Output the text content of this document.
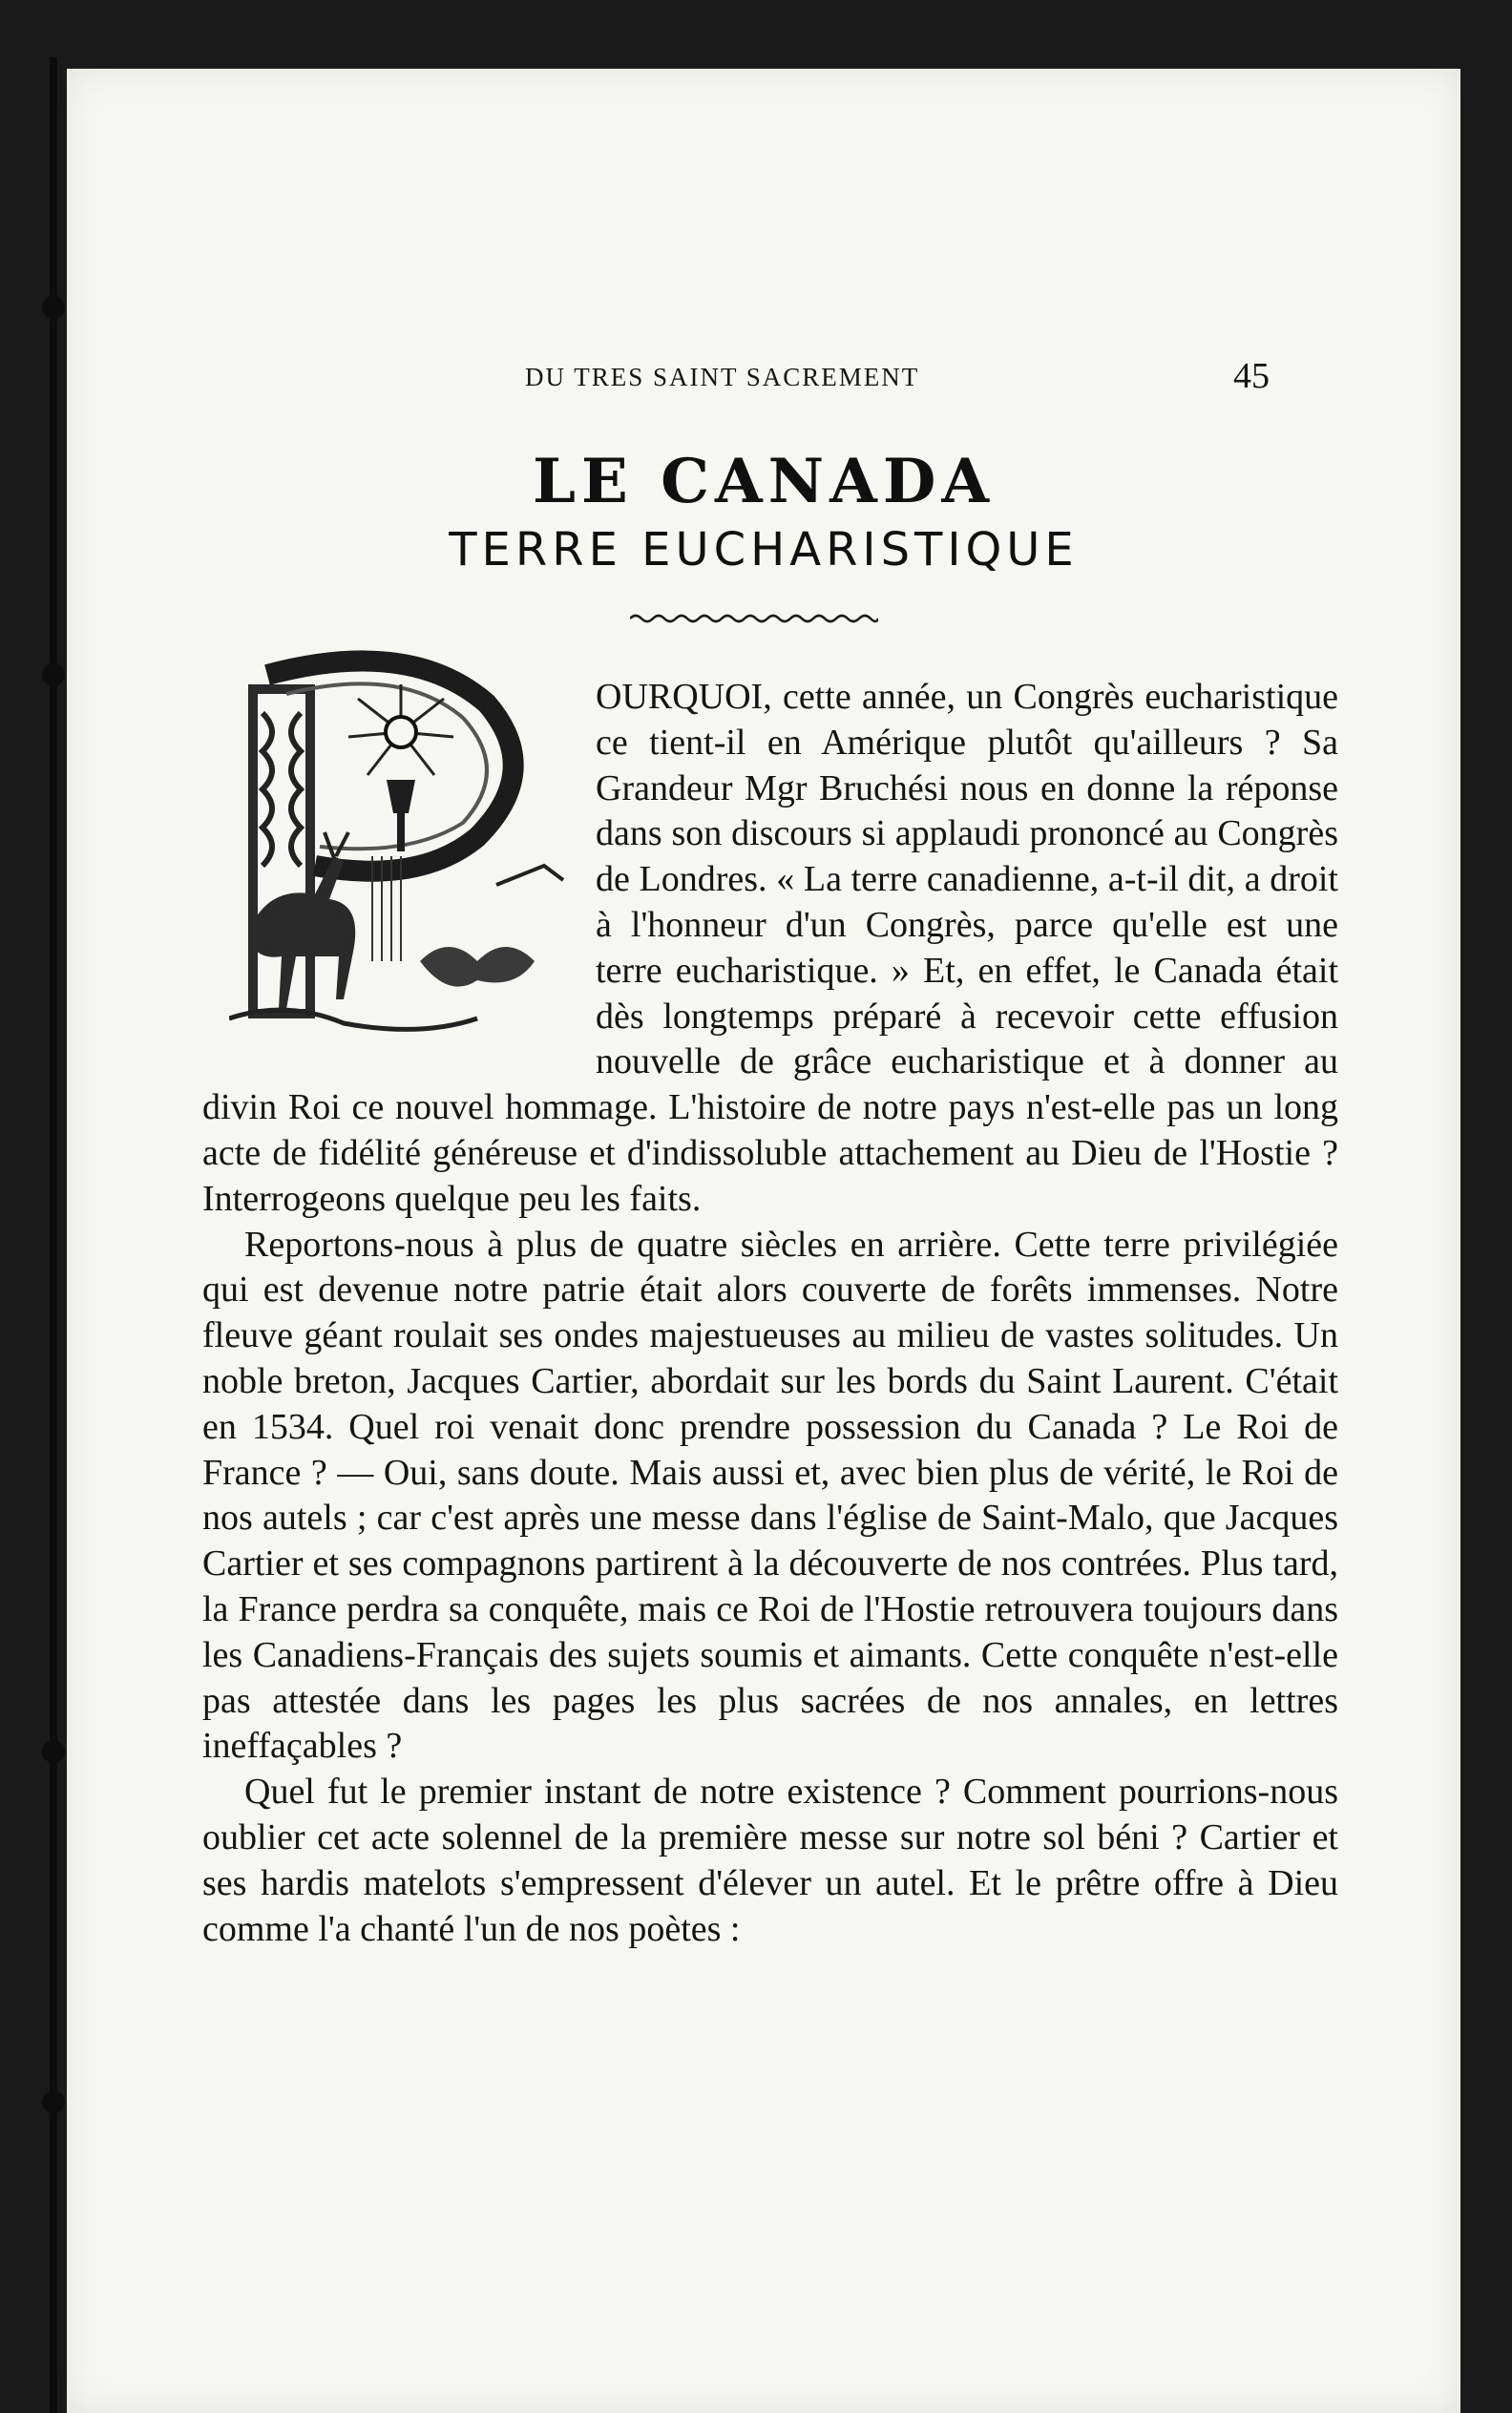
DU TRES SAINT SACREMENT	45
LE CANADA
TERRE EUCHARISTIQUE

OURQUOI, cette année, un Congrès eucharistique ce tient-il en Amérique plutôt qu'ailleurs ? Sa Grandeur Mgr Bruchési nous en donne la réponse dans son discours si applaudi prononcé au Congrès de Londres. « La terre canadienne, a-t-il dit, a droit à l'honneur d'un Congrès, parce qu'elle est une terre eucharistique. » Et, en effet, le Canada était dès longtemps préparé à recevoir cette effusion nouvelle de grâce eucharistique et à donner au divin Roi ce nouvel hommage. L'histoire de notre pays n'est-elle pas un long acte de fidélité généreuse et d'indissoluble attachement au Dieu de l'Hostie ? Interrogeons quelque peu les faits.

Reportons-nous à plus de quatre siècles en arrière. Cette terre privilégiée qui est devenue notre patrie était alors couverte de forêts immenses. Notre fleuve géant roulait ses ondes majestueuses au milieu de vastes solitudes. Un noble breton, Jacques Cartier, abordait sur les bords du Saint Laurent. C'était en 1534. Quel roi venait donc prendre possession du Canada ? Le Roi de France ? — Oui, sans doute. Mais aussi et, avec bien plus de vérité, le Roi de nos autels ; car c'est après une messe dans l'église de Saint-Malo, que Jacques Cartier et ses compagnons partirent à la découverte de nos contrées. Plus tard, la France perdra sa conquête, mais ce Roi de l'Hostie retrouvera toujours dans les Canadiens-Français des sujets soumis et aimants. Cette conquête n'est-elle pas attestée dans les pages les plus sacrées de nos annales, en lettres ineffaçables ?

Quel fut le premier instant de notre existence ? Comment pourrions-nous oublier cet acte solennel de la première messe sur notre sol béni ? Cartier et ses hardis matelots s'empressent d'élever un autel. Et le prêtre offre à Dieu comme l'a chanté l'un de nos poètes :
